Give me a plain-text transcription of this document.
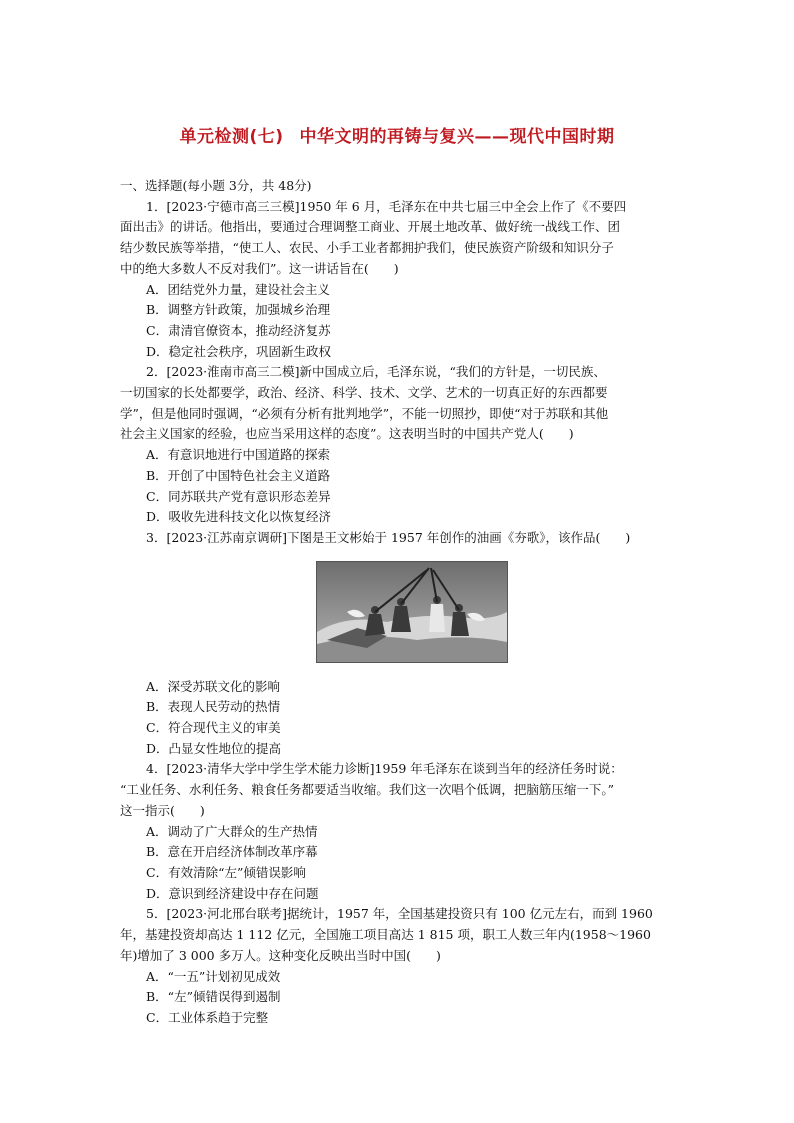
单元检测(七) 中华文明的再铸与复兴——现代中国时期
一、选择题(每小题 3分，共 48分)
1．[2023·宁德市高三三模]1950 年 6 月，毛泽东在中共七届三中全会上作了《不要四
面出击》的讲话。他指出，要通过合理调整工商业、开展土地改革、做好统一战线工作、团
结少数民族等举措，“使工人、农民、小手工业者都拥护我们，使民族资产阶级和知识分子
中的绝大多数人不反对我们”。这一讲话旨在(　　)
A．团结党外力量，建设社会主义
B．调整方针政策，加强城乡治理
C．肃清官僚资本，推动经济复苏
D．稳定社会秩序，巩固新生政权
2．[2023·淮南市高三二模]新中国成立后，毛泽东说，“我们的方针是，一切民族、
一切国家的长处都要学，政治、经济、科学、技术、文学、艺术的一切真正好的东西都要
学”，但是他同时强调，“必须有分析有批判地学”，不能一切照抄，即使“对于苏联和其他
社会主义国家的经验，也应当采用这样的态度”。这表明当时的中国共产党人(　　)
A．有意识地进行中国道路的探索
B．开创了中国特色社会主义道路
C．同苏联共产党有意识形态差异
D．吸收先进科技文化以恢复经济
3．[2023·江苏南京调研]下图是王文彬始于 1957 年创作的油画《夯歌》，该作品(　　)
A．深受苏联文化的影响
B．表现人民劳动的热情
C．符合现代主义的审美
D．凸显女性地位的提高
4．[2023·清华大学中学生学术能力诊断]1959 年毛泽东在谈到当年的经济任务时说：
“工业任务、水利任务、粮食任务都要适当收缩。我们这一次唱个低调，把脑筋压缩一下。”
这一指示(　　)
A．调动了广大群众的生产热情
B．意在开启经济体制改革序幕
C．有效清除“左”倾错误影响
D．意识到经济建设中存在问题
5．[2023·河北邢台联考]据统计，1957 年，全国基建投资只有 100 亿元左右，而到 1960
年，基建投资却高达 1 112 亿元，全国施工项目高达 1 815 项，职工人数三年内(1958～1960
年)增加了 3 000 多万人。这种变化反映出当时中国(　　)
A．“一五”计划初见成效
B．“左”倾错误得到遏制
C．工业体系趋于完整
